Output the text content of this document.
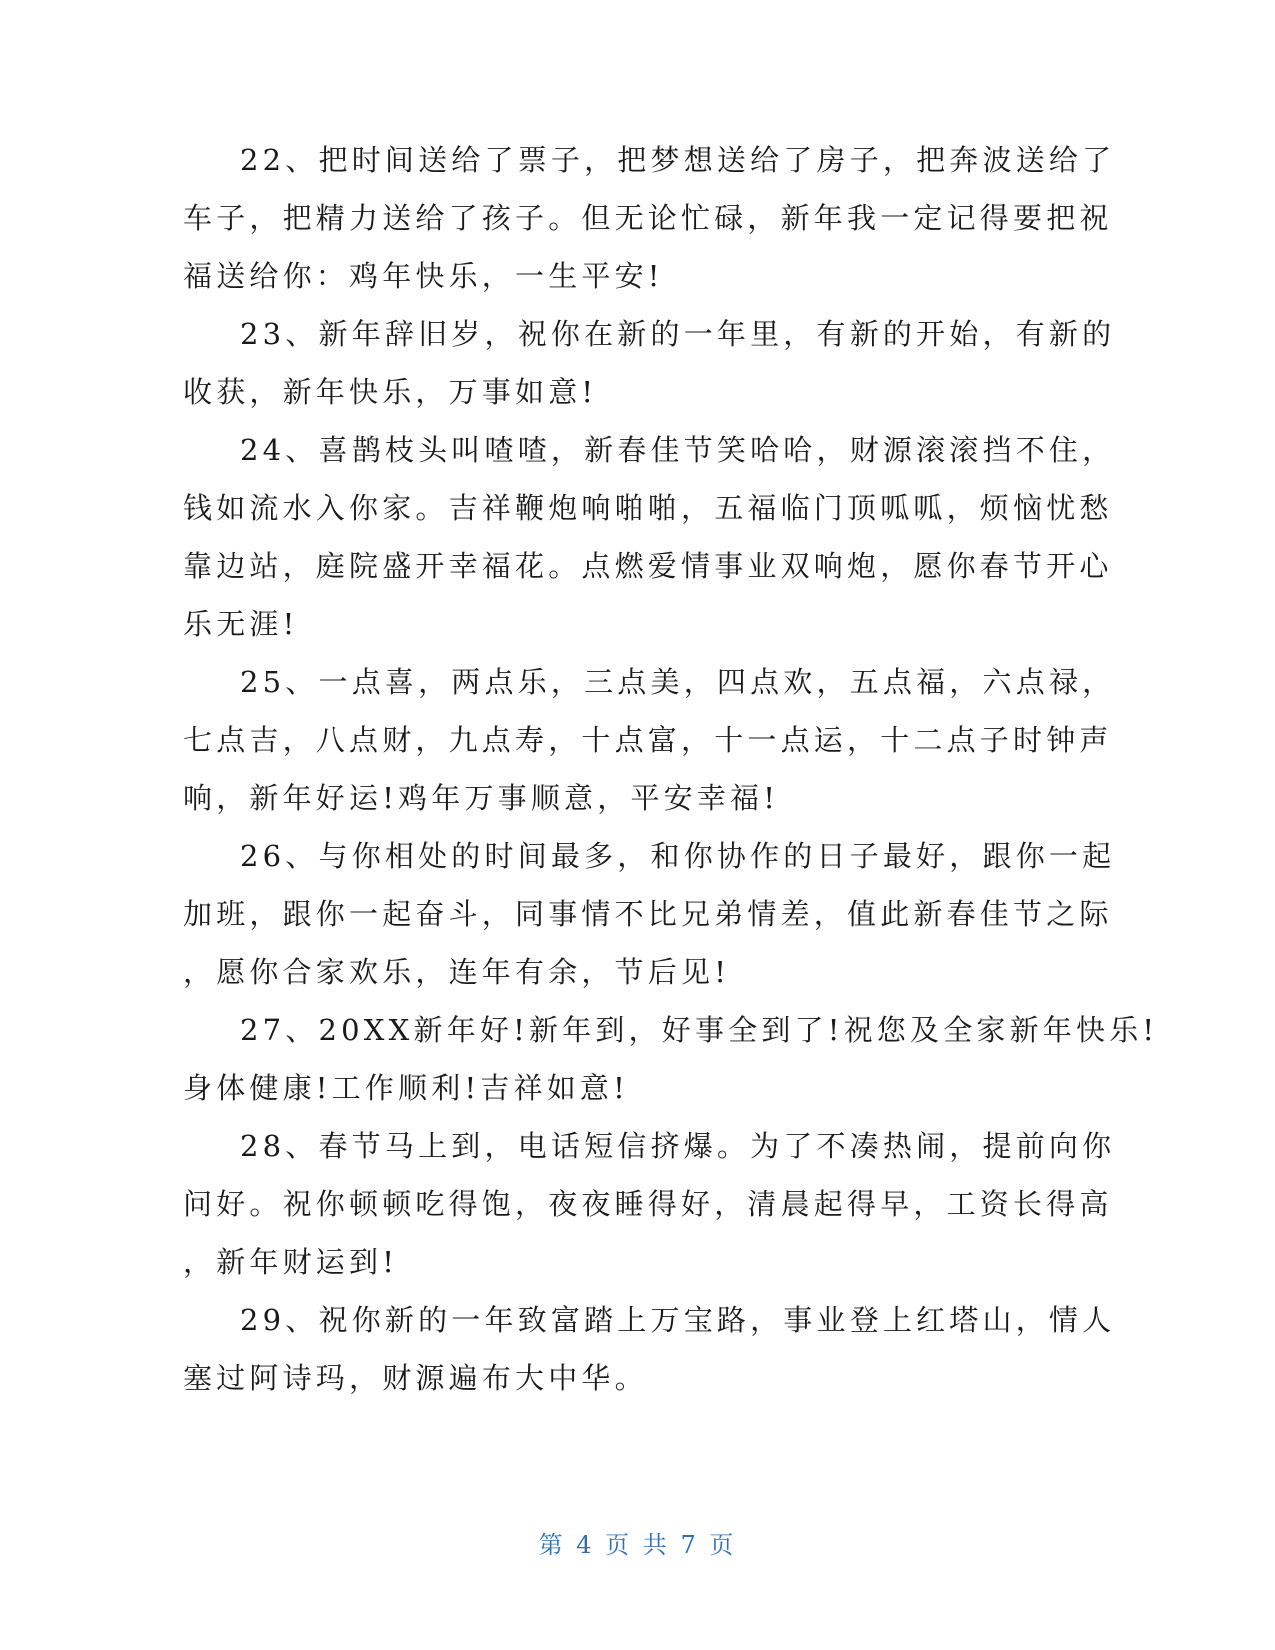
22、把时间送给了票子，把梦想送给了房子，把奔波送给了
车子，把精力送给了孩子。但无论忙碌，新年我一定记得要把祝
福送给你：鸡年快乐，一生平安!
23、新年辞旧岁，祝你在新的一年里，有新的开始，有新的
收获，新年快乐，万事如意!
24、喜鹊枝头叫喳喳，新春佳节笑哈哈，财源滚滚挡不住，
钱如流水入你家。吉祥鞭炮响啪啪，五福临门顶呱呱，烦恼忧愁
靠边站，庭院盛开幸福花。点燃爱情事业双响炮，愿你春节开心
乐无涯!
25、一点喜，两点乐，三点美，四点欢，五点福，六点禄，
七点吉，八点财，九点寿，十点富，十一点运，十二点子时钟声
响，新年好运!鸡年万事顺意，平安幸福!
26、与你相处的时间最多，和你协作的日子最好，跟你一起
加班，跟你一起奋斗，同事情不比兄弟情差，值此新春佳节之际
，愿你合家欢乐，连年有余，节后见!
27、20XX新年好!新年到，好事全到了!祝您及全家新年快乐!
身体健康!工作顺利!吉祥如意!
28、春节马上到，电话短信挤爆。为了不凑热闹，提前向你
问好。祝你顿顿吃得饱，夜夜睡得好，清晨起得早，工资长得高
，新年财运到!
29、祝你新的一年致富踏上万宝路，事业登上红塔山，情人
塞过阿诗玛，财源遍布大中华。
第 4 页 共 7 页
